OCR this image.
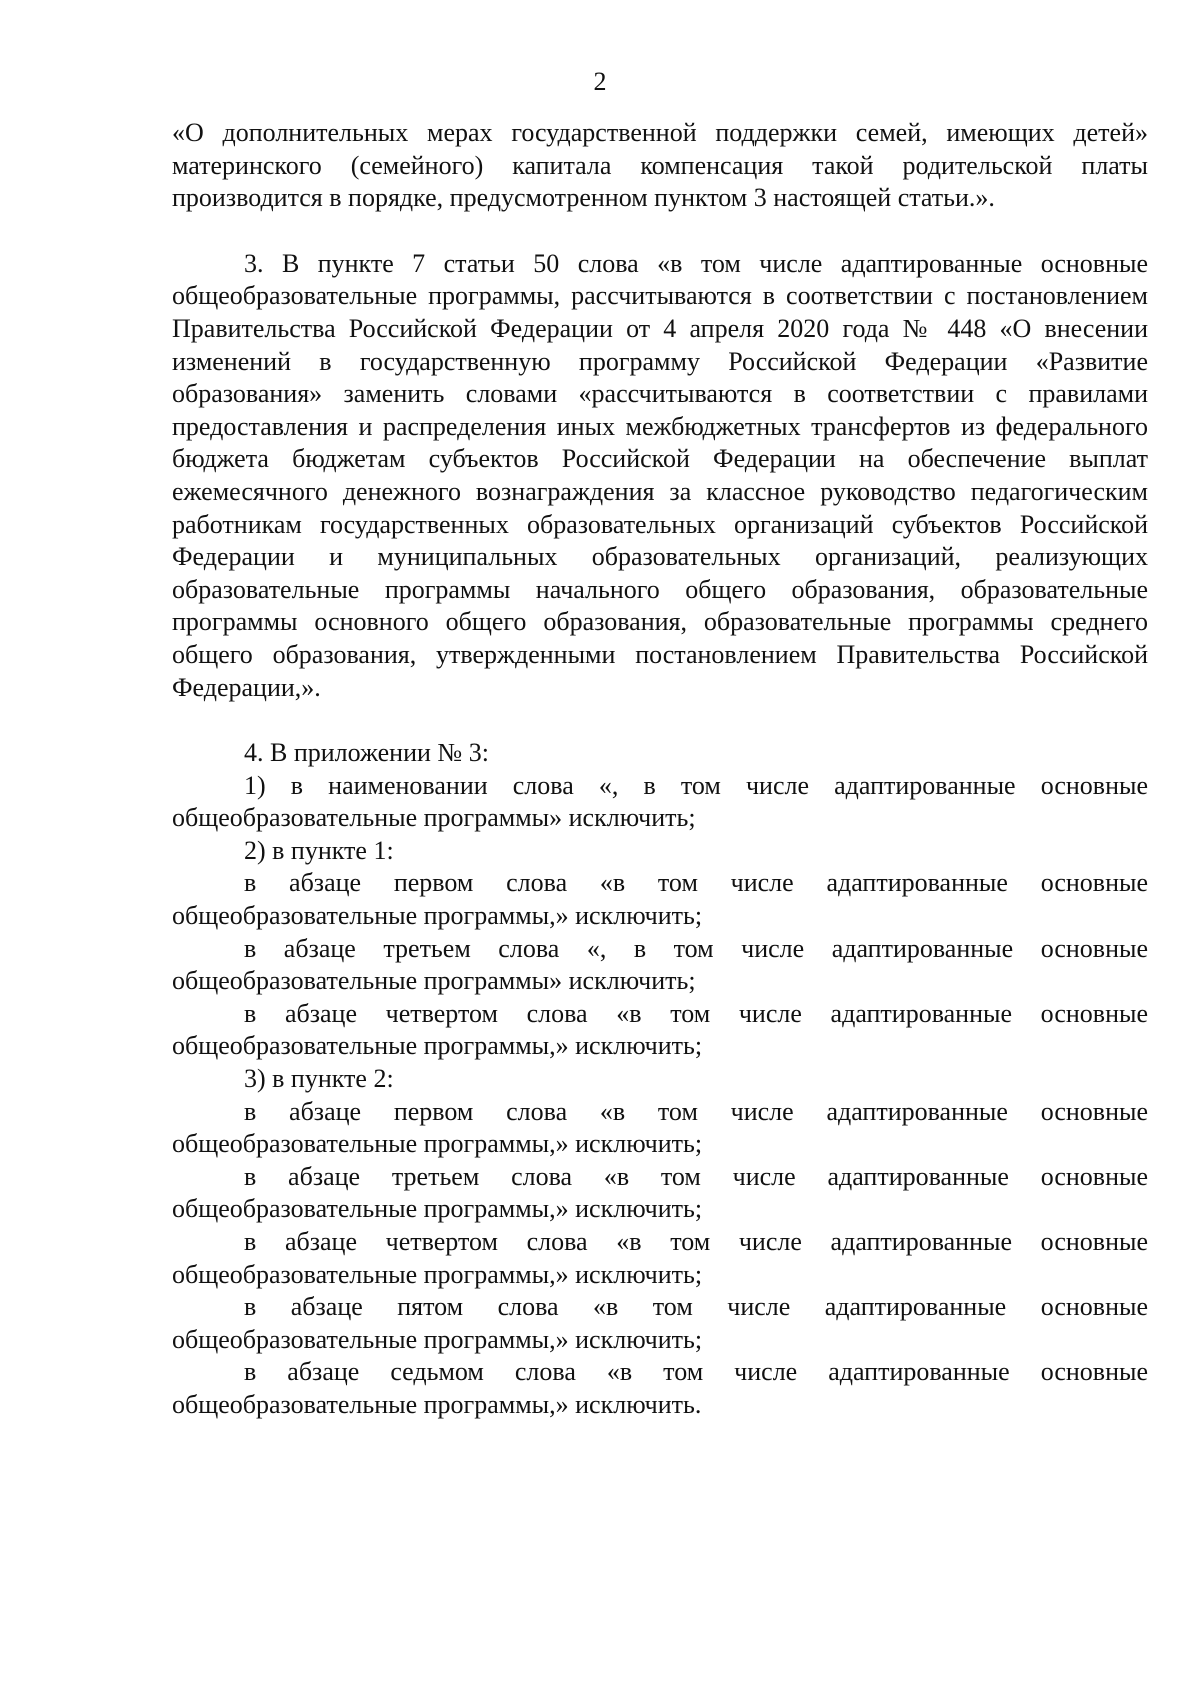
2

«О дополнительных мерах государственной поддержки семей, имеющих детей» материнского (семейного) капитала компенсация такой родительской платы производится в порядке, предусмотренном пунктом 3 настоящей статьи.».

3. В пункте 7 статьи 50 слова «в том числе адаптированные основные общеобразовательные программы, рассчитываются в соответствии с постановлением Правительства Российской Федерации от 4 апреля 2020 года № 448 «О внесении изменений в государственную программу Российской Федерации «Развитие образования» заменить словами «рассчитываются в соответствии с правилами предоставления и распределения иных межбюджетных трансфертов из федерального бюджета бюджетам субъектов Российской Федерации на обеспечение выплат ежемесячного денежного вознаграждения за классное руководство педагогическим работникам государственных образовательных организаций субъектов Российской Федерации и муниципальных образовательных организаций, реализующих образовательные программы начального общего образования, образовательные программы основного общего образования, образовательные программы среднего общего образования, утвержденными постановлением Правительства Российской Федерации,».

4. В приложении № 3:

1) в наименовании слова «, в том числе адаптированные основные общеобразовательные программы» исключить;

2) в пункте 1:

в абзаце первом слова «в том числе адаптированные основные общеобразовательные программы,» исключить;

в абзаце третьем слова «, в том числе адаптированные основные общеобразовательные программы» исключить;

в абзаце четвертом слова «в том числе адаптированные основные общеобразовательные программы,» исключить;

3) в пункте 2:

в абзаце первом слова «в том числе адаптированные основные общеобразовательные программы,» исключить;

в абзаце третьем слова «в том числе адаптированные основные общеобразовательные программы,» исключить;

в абзаце четвертом слова «в том числе адаптированные основные общеобразовательные программы,» исключить;

в абзаце пятом слова «в том числе адаптированные основные общеобразовательные программы,» исключить;

в абзаце седьмом слова «в том числе адаптированные основные общеобразовательные программы,» исключить.
